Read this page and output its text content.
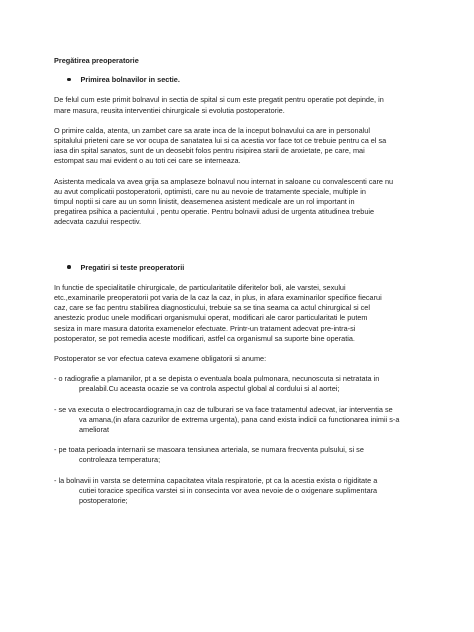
Pregătirea preoperatorie
Primirea bolnavilor in sectie.

De felul cum este primit bolnavul in sectia de spital si cum este pregatit pentru operatie pot depinde, in
mare masura, reusita interventiei chirurgicale si evolutia postoperatorie.

O primire calda, atenta, un zambet care sa arate inca de la inceput bolnavului ca are in personalul
spitalului prieteni care se vor ocupa de sanatatea lui si ca acestia vor face tot ce trebuie pentru ca el sa
iasa din spital sanatos, sunt de un deosebit folos pentru risipirea starii de anxietate, pe care, mai
estompat sau mai evident o au toti cei care se interneaza.

Asistenta medicala va avea grija sa amplaseze bolnavul nou internat in saloane cu convalescenti care nu
au avut complicatii postoperatorii, optimisti, care nu au nevoie de tratamente speciale, multiple in
timpul noptii si care au un somn linistit, deasemenea asistent medicale are un rol important in
pregatirea psihica a pacientului , pentu operatie. Pentru bolnavii adusi de urgenta atitudinea trebuie
adecvata cazului respectiv.

Pregatiri si teste preoperatorii

In functie de specialitatile chirurgicale, de particularitatile diferitelor boli, ale varstei, sexului
etc.,examinarile preoperatorii pot varia de la caz la caz, in plus, in afara examinarilor specifice fiecarui
caz, care se fac pentru stabilirea diagnosticului, trebuie sa se tina seama ca actul chirurgical si cel
anestezic produc unele modificari organismului operat, modificari ale caror particularitati le putem
sesiza in mare masura datorita examenelor efectuate. Printr-un tratament adecvat pre-intra-si
postoperator, se pot remedia aceste modificari, astfel ca organismul sa suporte bine operatia.

Postoperator se vor efectua cateva examene obligatorii si anume:

- o radiografie a plamanilor, pt a se depista o eventuala boala pulmonara, necunoscuta si netratata in
prealabil.Cu aceasta ocazie se va controla aspectul global al cordului si al aortei;
- se va executa o electrocardiograma,in caz de tulburari se va face tratamentul adecvat, iar interventia se
va amana,(in afara cazurilor de extrema urgenta), pana cand exista indicii ca functionarea inimii s-a
ameliorat
- pe toata perioada internarii se masoara tensiunea arteriala, se numara frecventa pulsului, si se
controleaza temperatura;
- la bolnavii in varsta se determina capacitatea vitala respiratorie, pt ca la acestia exista o rigiditate a
cutiei toracice specifica varstei si in consecinta vor avea nevoie de o oxigenare suplimentara
postoperatorie;
